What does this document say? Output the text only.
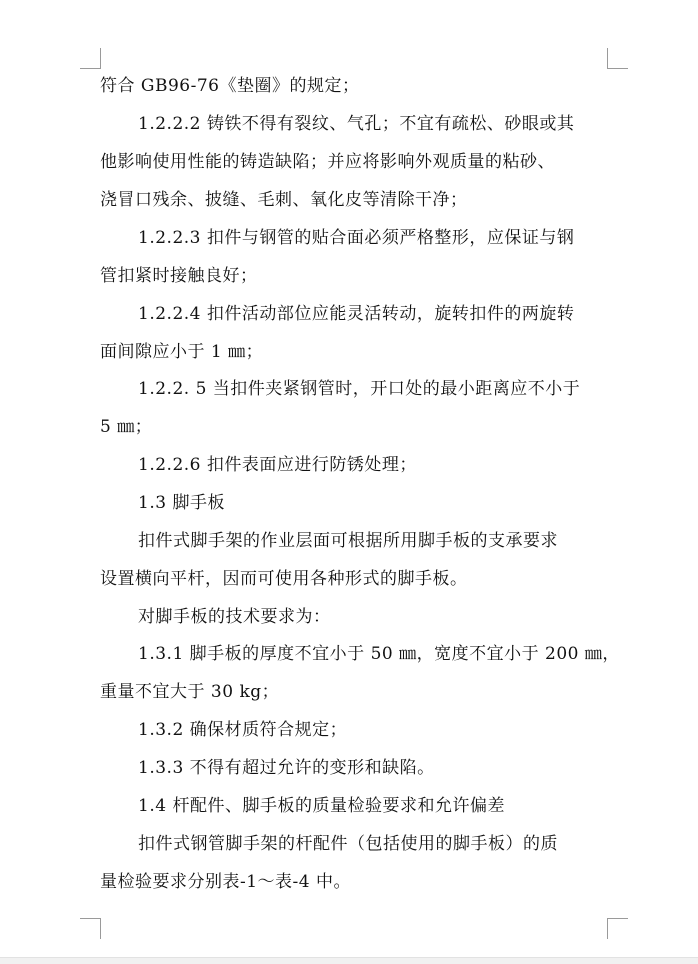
符合 GB96-76《垫圈》的规定；
1.2.2.2 铸铁不得有裂纹、气孔；不宜有疏松、砂眼或其
他影响使用性能的铸造缺陷；并应将影响外观质量的粘砂、
浇冒口残余、披缝、毛刺、氧化皮等清除干净；
1.2.2.3 扣件与钢管的贴合面必须严格整形，应保证与钢
管扣紧时接触良好；
1.2.2.4 扣件活动部位应能灵活转动，旋转扣件的两旋转
面间隙应小于 1 ㎜；
1.2.2. 5 当扣件夹紧钢管时，开口处的最小距离应不小于
5 ㎜；
1.2.2.6 扣件表面应进行防锈处理；
1.3 脚手板
扣件式脚手架的作业层面可根据所用脚手板的支承要求
设置横向平杆，因而可使用各种形式的脚手板。
对脚手板的技术要求为：
1.3.1 脚手板的厚度不宜小于 50 ㎜，宽度不宜小于 200 ㎜，
重量不宜大于 30 kg；
1.3.2 确保材质符合规定；
1.3.3 不得有超过允许的变形和缺陷。
1.4 杆配件、脚手板的质量检验要求和允许偏差
扣件式钢管脚手架的杆配件（包括使用的脚手板）的质
量检验要求分别表-1～表-4 中。
